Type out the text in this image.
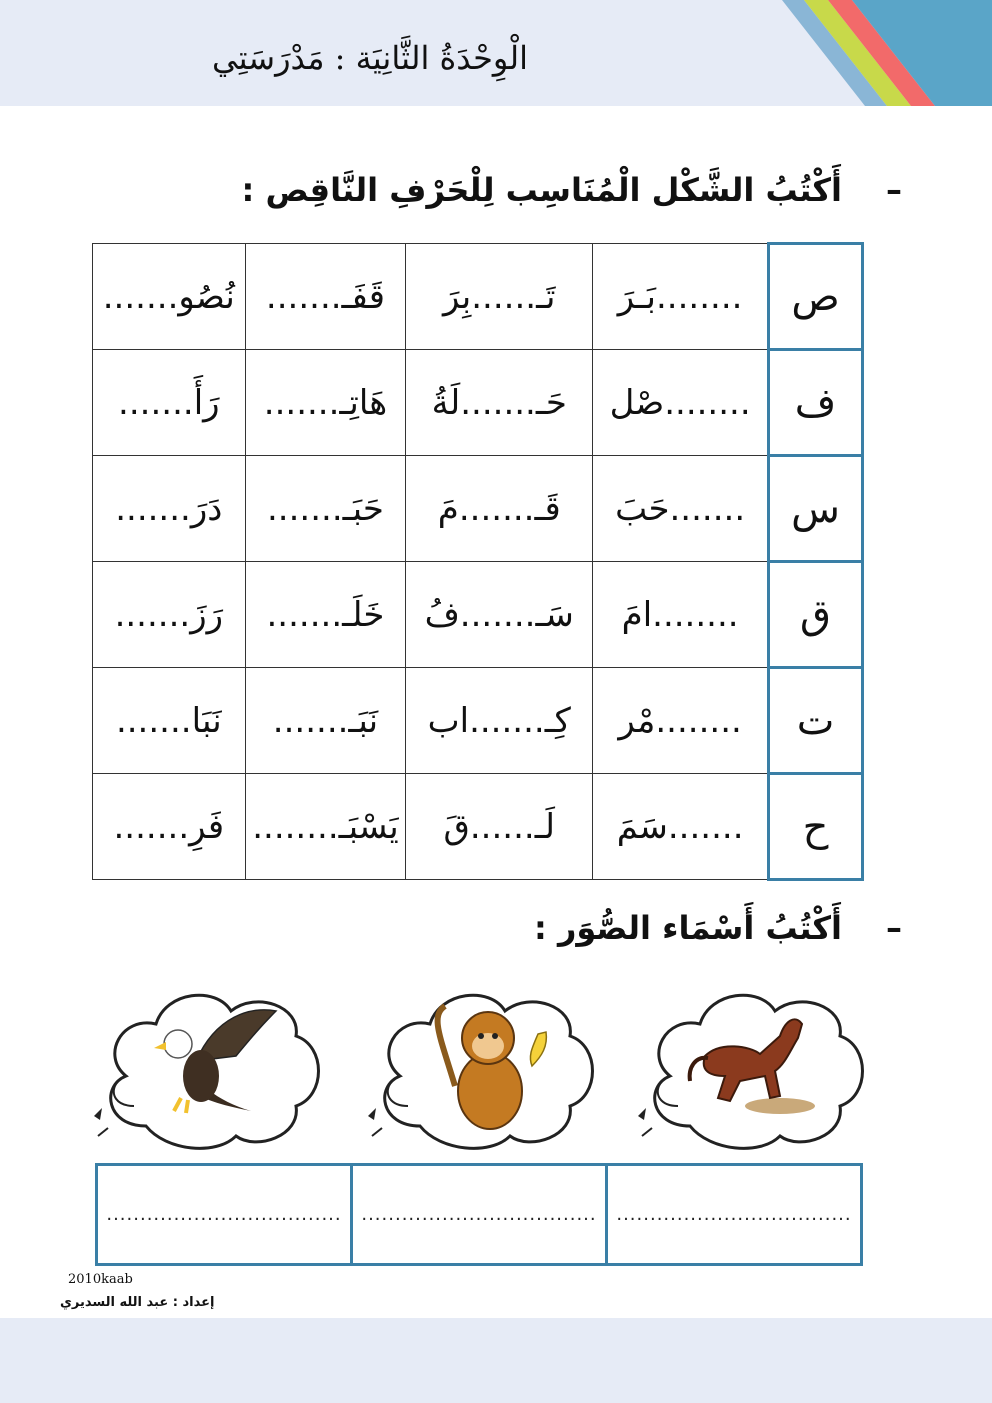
الْوِحْدَةُ الثَّانِيَة : مَدْرَسَتِي
–أَكْتُبُ الشَّكْل الْمُنَاسِب لِلْحَرْفِ النَّاقِص :
ص	........بَـرَ	تَـ......بِرَ	قَفَـ.......	نُصُو.......
ف	........صْل	حَـ.......لَةُ	هَاتِـ.......	رَأَ.......
س	.......حَبَ	قَـ.......مَ	حَبَـ.......	دَرَ.......
ق	........امَ	سَـ.......فُ	خَلَـ.......	رَزَ.......
ت	........مْر	كِـ.......اب	نَبَـ.......	نَبَا.......
ح	.......سَمَ	لَـ......قَ	يَسْبَـ........	فَرِ.......
–أَكْتُبُ أَسْمَاء الصُّوَر :
...................................	...................................	...................................
2010kaab
إعداد : عبد الله السديري
